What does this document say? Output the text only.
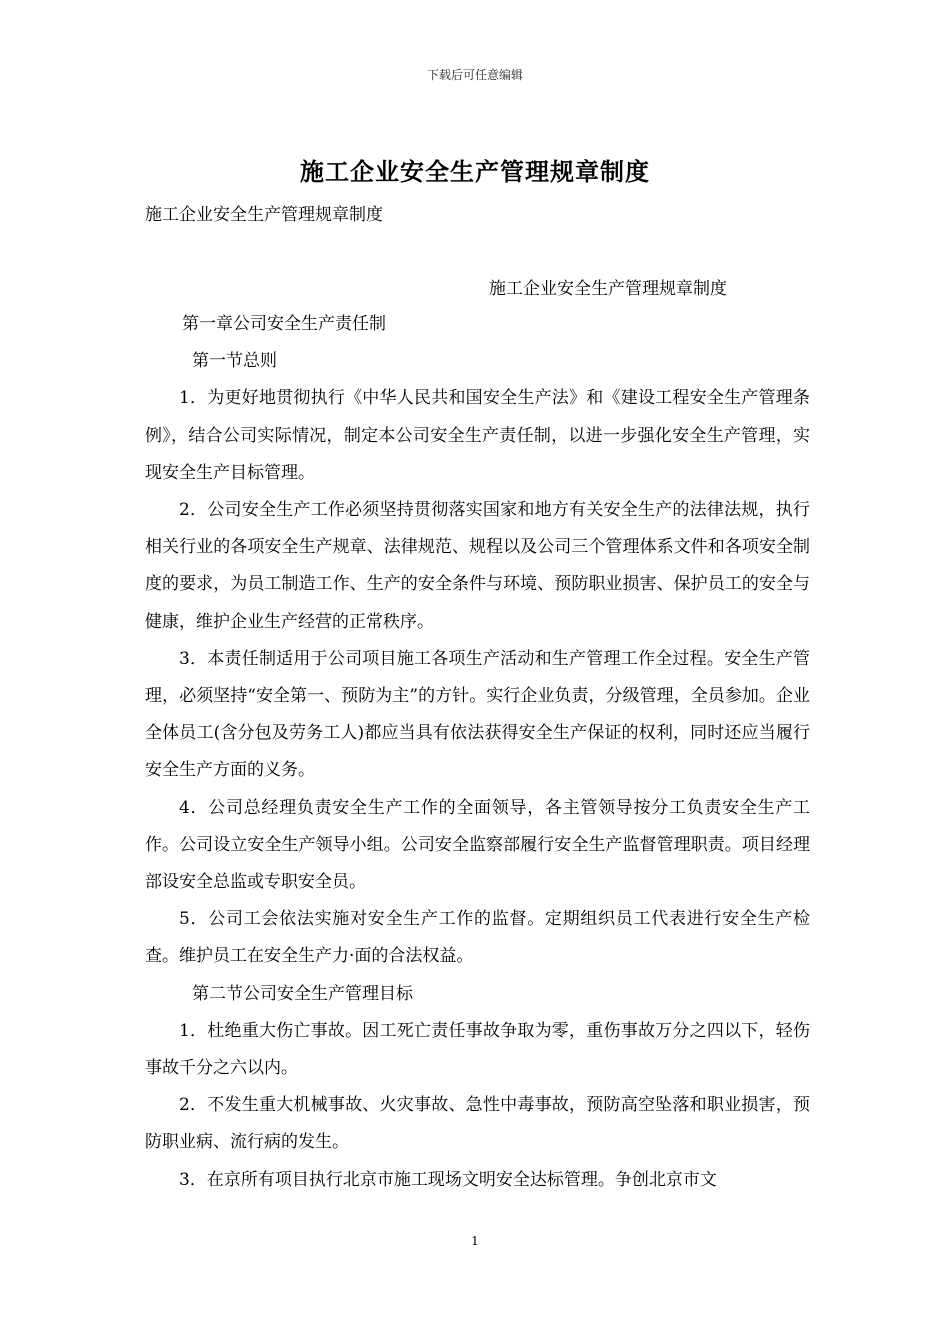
下载后可任意编辑
施工企业安全生产管理规章制度
施工企业安全生产管理规章制度
施工企业安全生产管理规章制度

第一章公司安全生产责任制

第一节总则

1．为更好地贯彻执行《中华人民共和国安全生产法》和《建设工程安全生产管理条例》，结合公司实际情况，制定本公司安全生产责任制，以进一步强化安全生产管理，实现安全生产目标管理。

2．公司安全生产工作必须坚持贯彻落实国家和地方有关安全生产的法律法规，执行相关行业的各项安全生产规章、法律规范、规程以及公司三个管理体系文件和各项安全制度的要求，为员工制造工作、生产的安全条件与环境、预防职业损害、保护员工的安全与健康，维护企业生产经营的正常秩序。

3．本责任制适用于公司项目施工各项生产活动和生产管理工作全过程。安全生产管理，必须坚持“安全第一、预防为主”的方针。实行企业负责，分级管理，全员参加。企业全体员工(含分包及劳务工人)都应当具有依法获得安全生产保证的权利，同时还应当履行安全生产方面的义务。

4．公司总经理负责安全生产工作的全面领导，各主管领导按分工负责安全生产工作。公司设立安全生产领导小组。公司安全监察部履行安全生产监督管理职责。项目经理部设安全总监或专职安全员。

5．公司工会依法实施对安全生产工作的监督。定期组织员工代表进行安全生产检查。维护员工在安全生产力·面的合法权益。

第二节公司安全生产管理目标

1．杜绝重大伤亡事故。因工死亡责任事故争取为零，重伤事故万分之四以下，轻伤事故千分之六以内。

2．不发生重大机械事故、火灾事故、急性中毒事故，预防高空坠落和职业损害，预防职业病、流行病的发生。

3．在京所有项目执行北京市施工现场文明安全达标管理。争创北京市文

1
